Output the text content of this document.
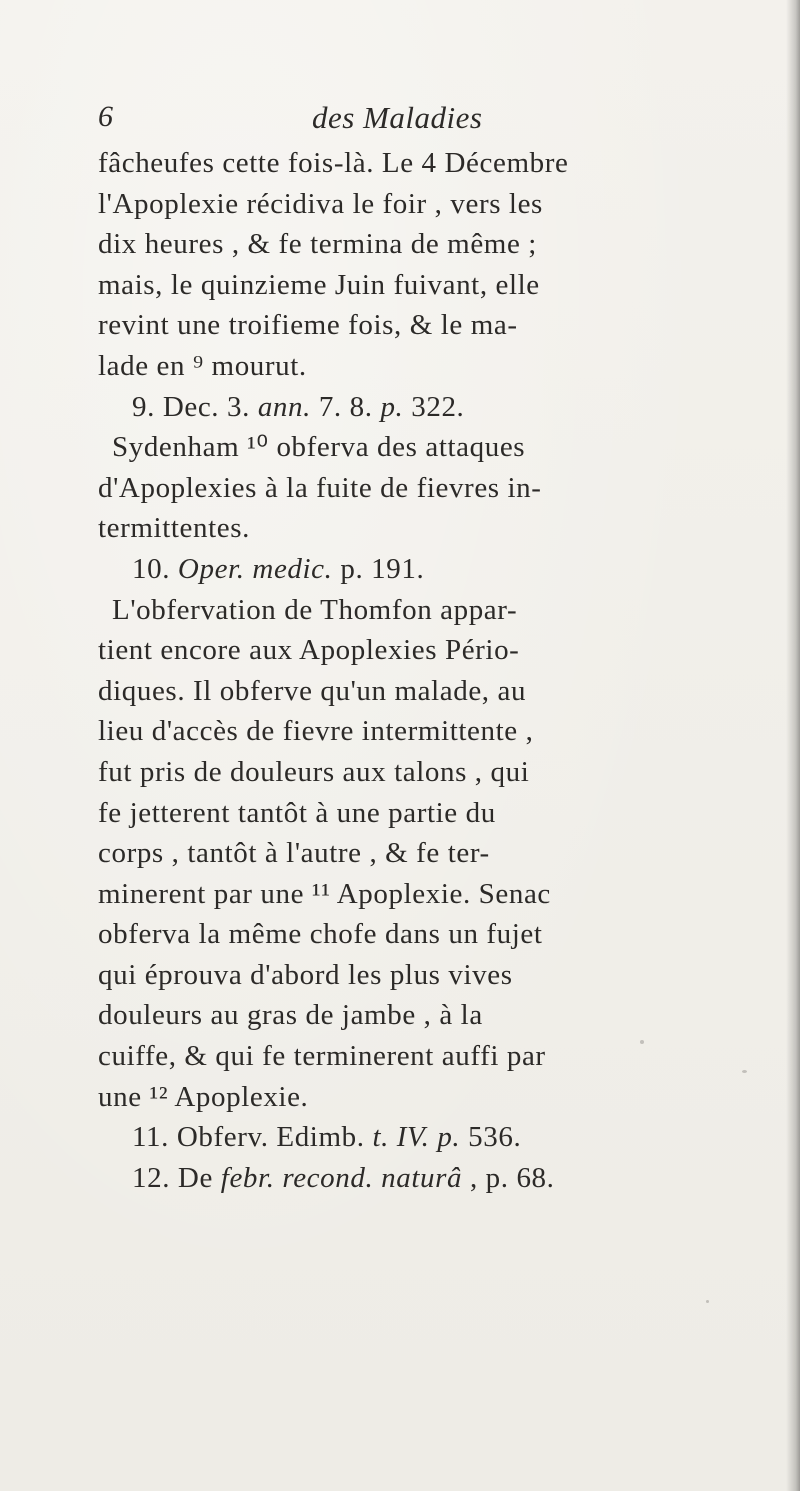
6	des Maladies
fâcheufes cette fois-là. Le 4 Décembre
l'Apoplexie récidiva le foir , vers les
dix heures , & fe termina de même ;
mais, le quinzieme Juin fuivant, elle
revint une troifieme fois, & le ma-
lade en ⁹ mourut.
9. Dec. 3. ann. 7. 8. p. 322.
Sydenham ¹⁰ obferva des attaques
d'Apoplexies à la fuite de fievres in-
termittentes.
10. Oper. medic. p. 191.
L'obfervation de Thomfon appar-
tient encore aux Apoplexies Pério-
diques. Il obferve qu'un malade, au
lieu d'accès de fievre intermittente ,
fut pris de douleurs aux talons , qui
fe jetterent tantôt à une partie du
corps , tantôt à l'autre , & fe ter-
minerent par une ¹¹ Apoplexie. Senac
obferva la même chofe dans un fujet
qui éprouva d'abord les plus vives
douleurs au gras de jambe , à la
cuiffe, & qui fe terminerent auffi par
une ¹² Apoplexie.
11. Obferv. Edimb. t. IV. p. 536.
12. De febr. recond. naturâ , p. 68.
